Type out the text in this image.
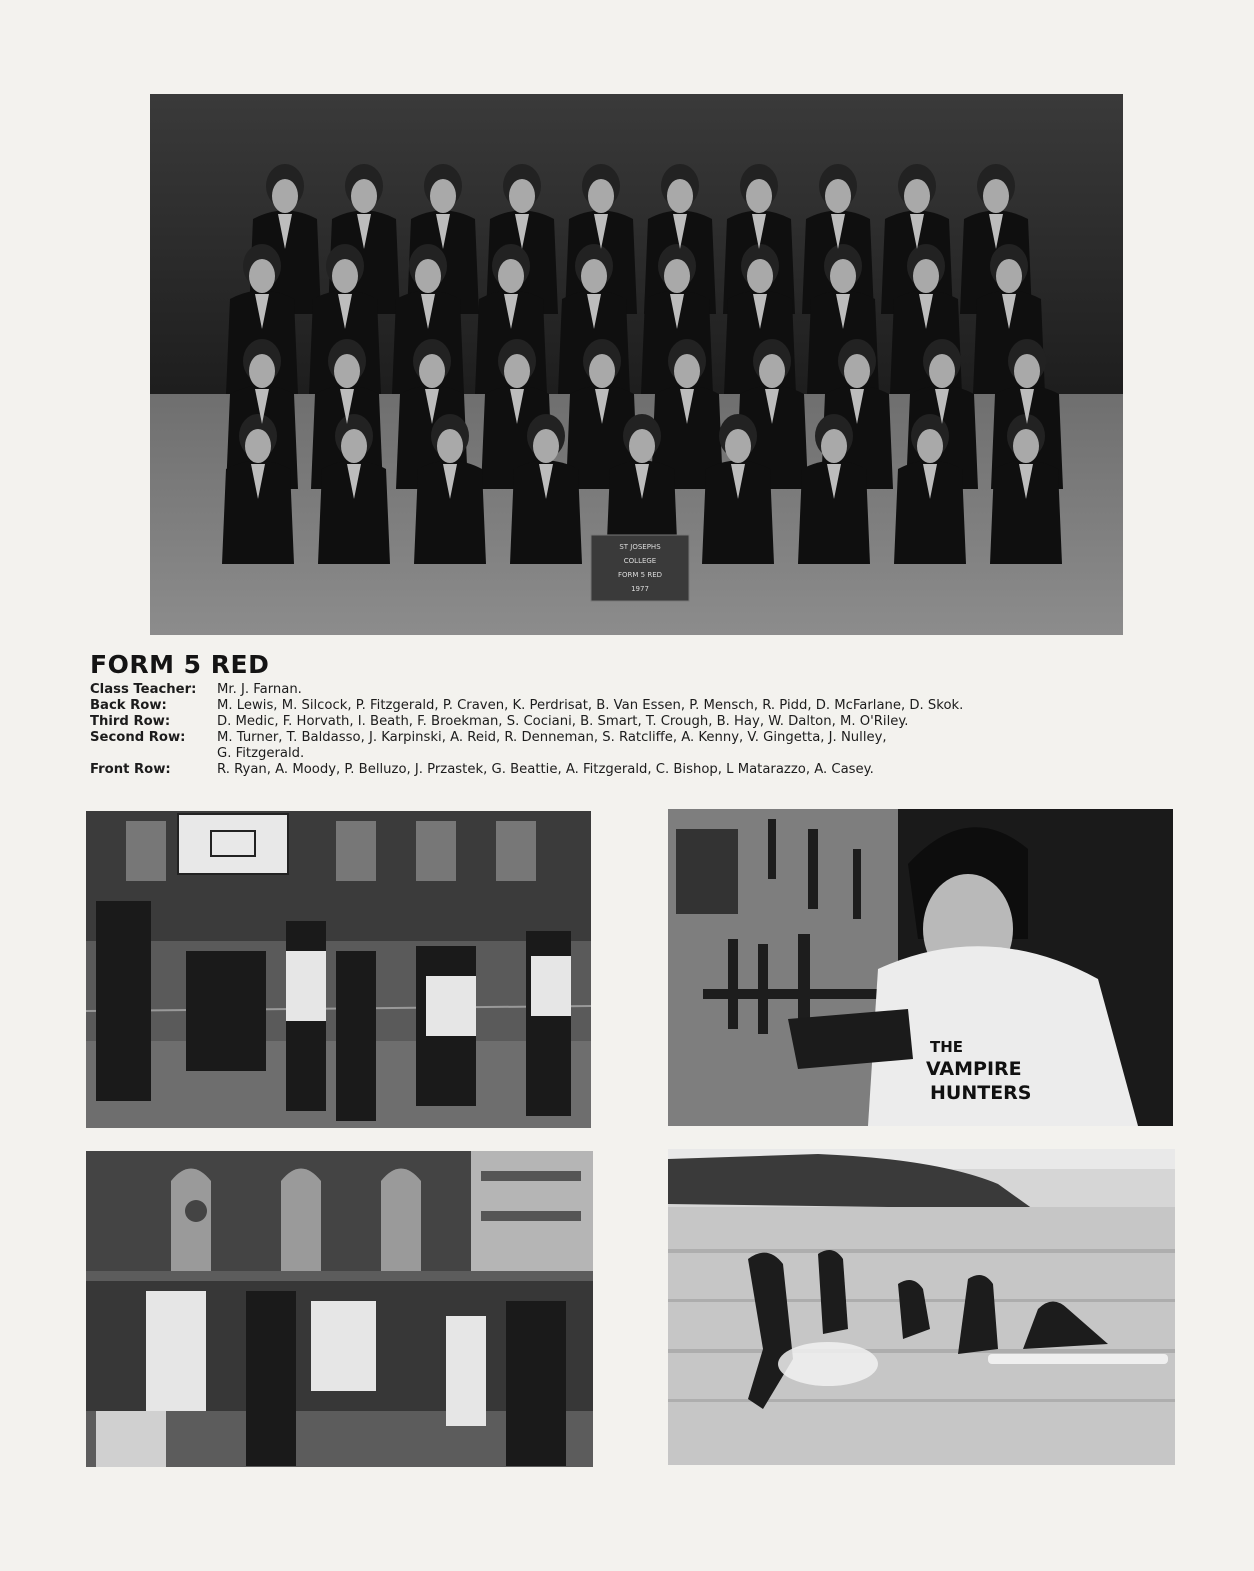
ST JOSEPHS
COLLEGE
FORM 5 RED
1977
FORM 5 RED
Class Teacher:	Mr. J. Farnan.
Back Row:	M. Lewis, M. Silcock, P. Fitzgerald, P. Craven, K. Perdrisat, B. Van Essen, P. Mensch, R. Pidd, D. McFarlane, D. Skok.
Third Row:	D. Medic, F. Horvath, I. Beath, F. Broekman, S. Cociani, B. Smart, T. Crough, B. Hay, W. Dalton, M. O'Riley.
Second Row:	M. Turner, T. Baldasso, J. Karpinski, A. Reid, R. Denneman, S. Ratcliffe, A. Kenny, V. Gingetta, J. Nulley,
G. Fitzgerald.
Front Row:	R. Ryan, A. Moody, P. Belluzo, J. Przastek, G. Beattie, A. Fitzgerald, C. Bishop, L Matarazzo, A. Casey.
THE
VAMPIRE
HUNTERS
